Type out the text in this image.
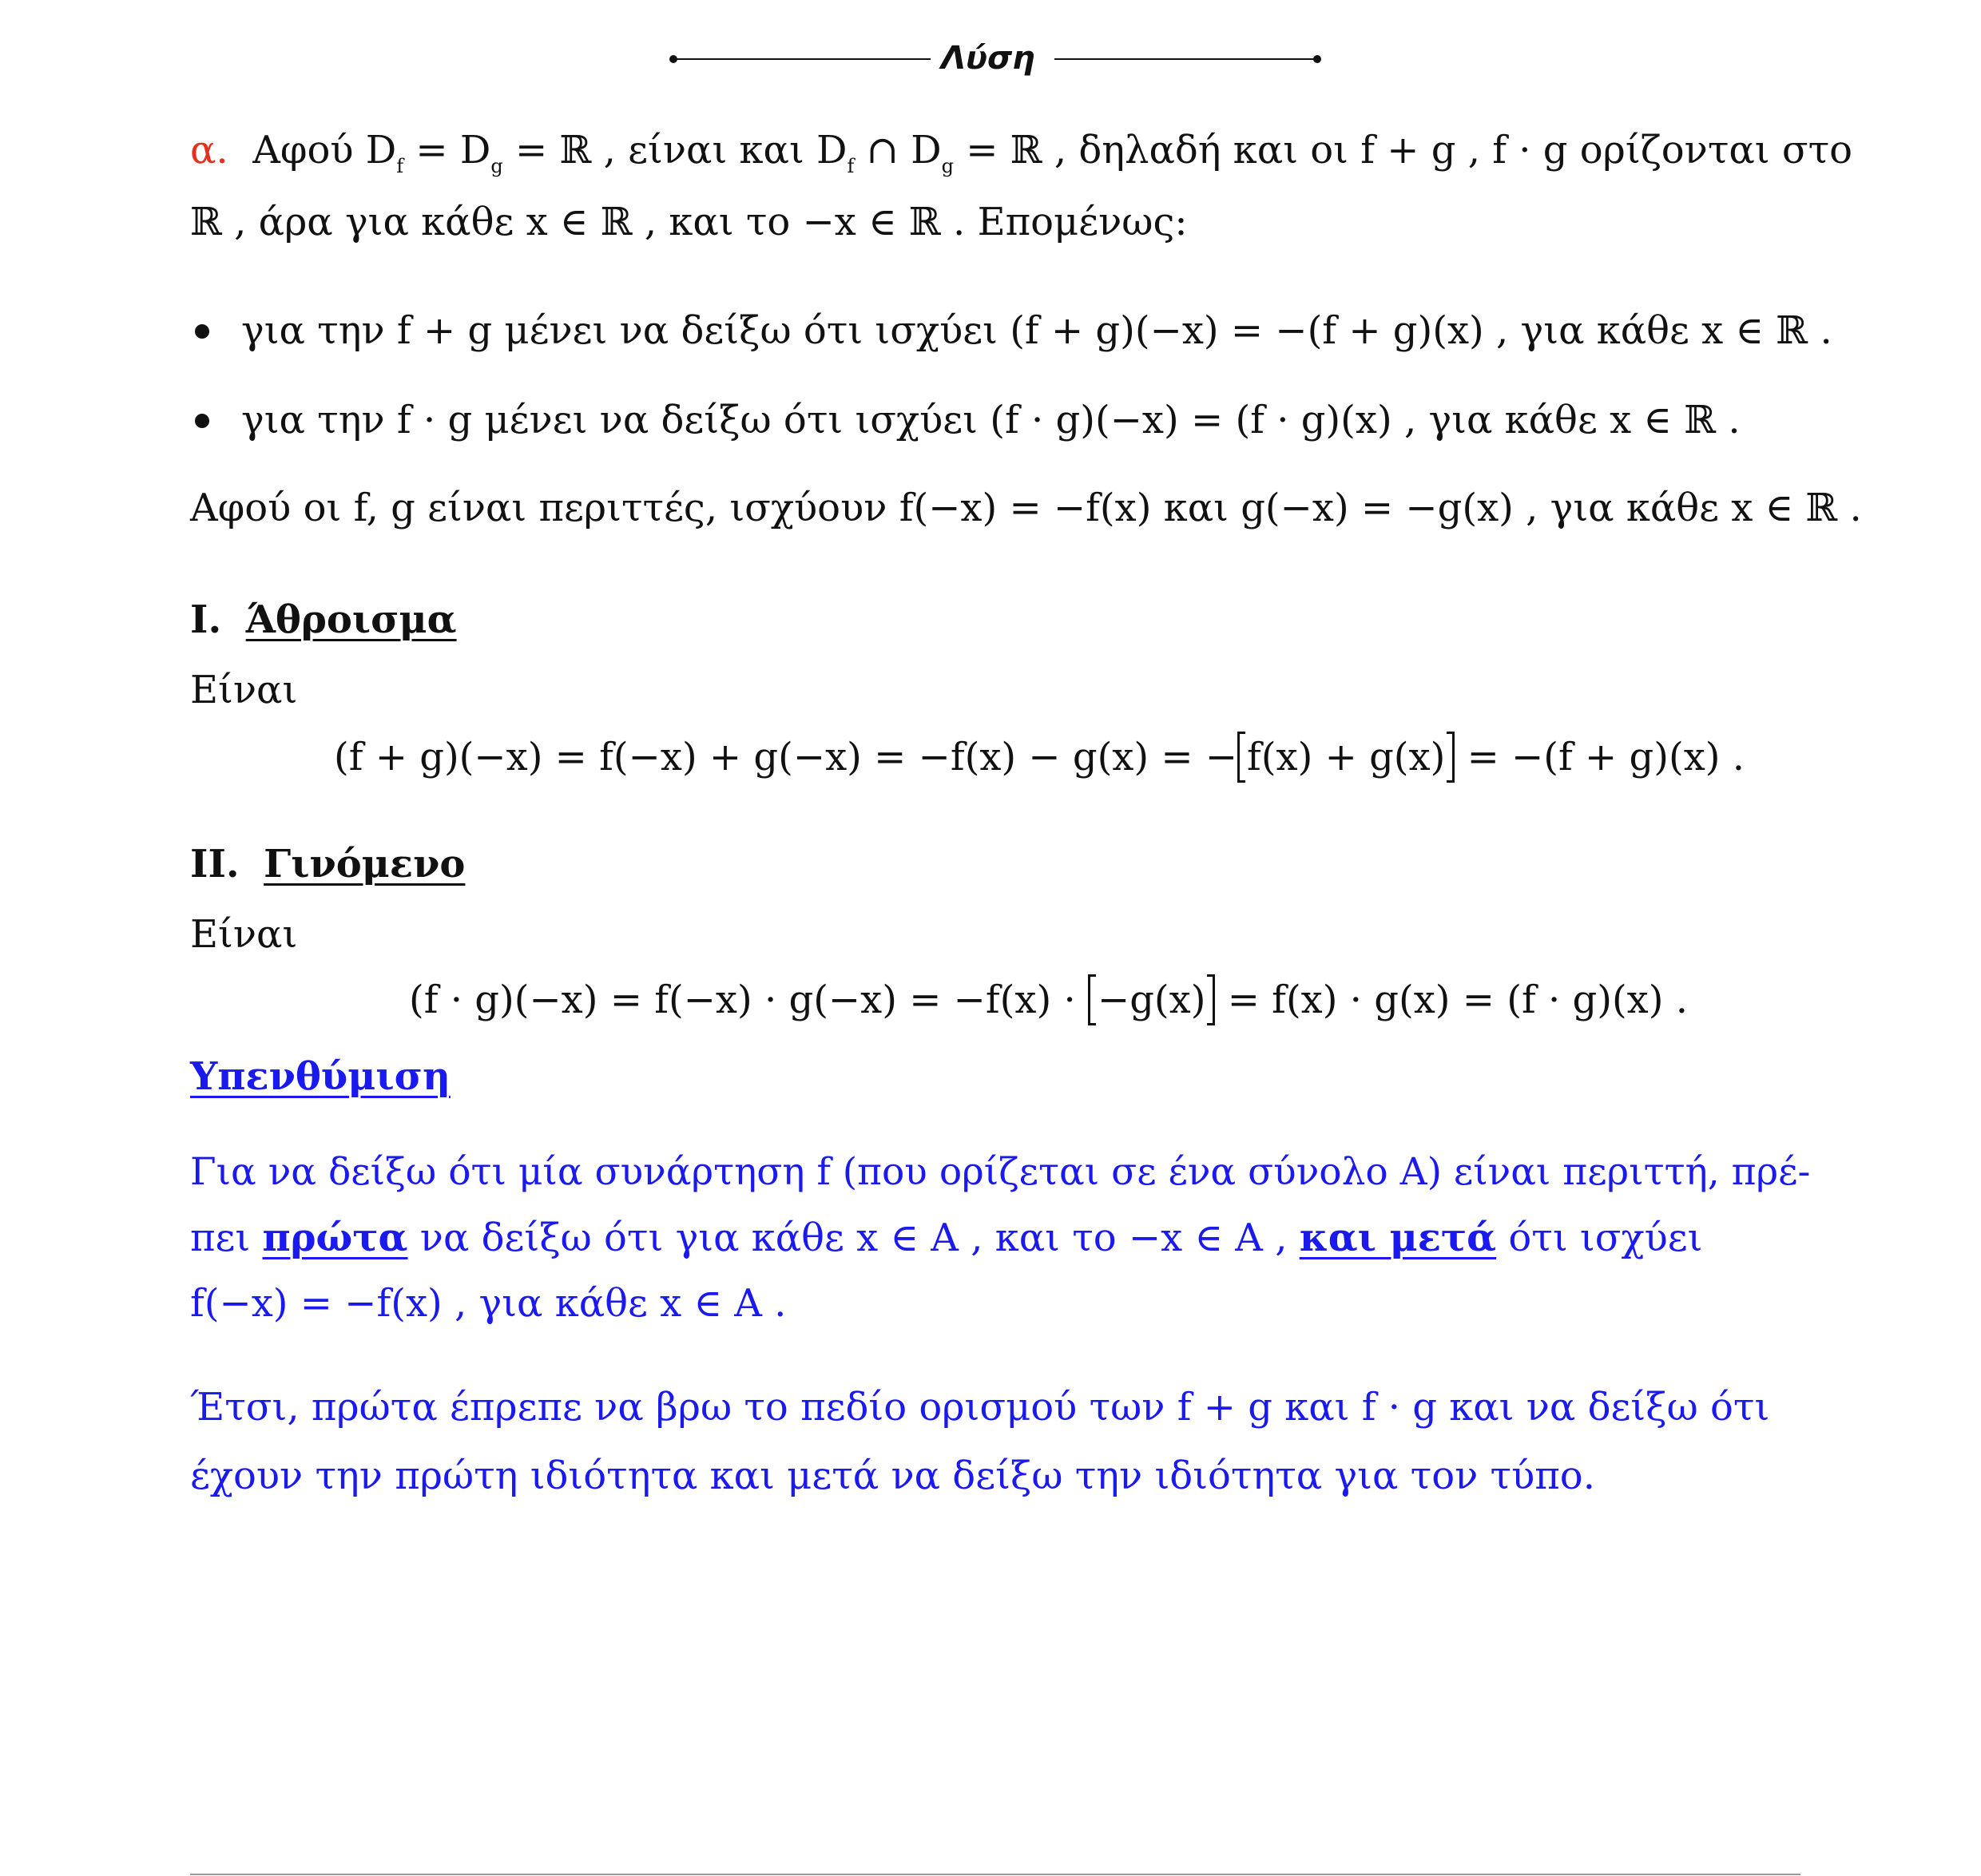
Λύση
α. Αφού $D_f = D_g$ = ℝ , είναι και $D_f$ ∩ $D_g$ = ℝ , δηλαδή και οι f + g , f · g ορίζονται στο
ℝ , άρα για κάθε x ∈ ℝ , και το −x ∈ ℝ . Επομένως:
για την f + g μένει να δείξω ότι ισχύει (f + g)(−x) = −(f + g)(x) , για κάθε x ∈ ℝ .
για την f · g μένει να δείξω ότι ισχύει (f · g)(−x) = (f · g)(x) , για κάθε x ∈ ℝ .
Αφού οι f, g είναι περιττές, ισχύουν f(−x) = −f(x) και g(−x) = −g(x) , για κάθε x ∈ ℝ .
I. Άθροισμα
Είναι
(f + g)(−x) = f(−x) + g(−x) = −f(x) − g(x) = − f(x) + g(x) = −(f + g)(x) .
II. Γινόμενο
Είναι
(f · g)(−x) = f(−x) · g(−x) = −f(x) · −g(x) = f(x) · g(x) = (f · g)(x) .
Υπενθύμιση
Για να δείξω ότι μία συνάρτηση f (που ορίζεται σε ένα σύνολο A) είναι περιττή, πρέ-
πει πρώτα να δείξω ότι για κάθε x ∈ A , και το −x ∈ A , και μετά ότι ισχύει
f(−x) = −f(x) , για κάθε x ∈ A .
Έτσι, πρώτα έπρεπε να βρω το πεδίο ορισμού των f + g και f · g και να δείξω ότι
έχουν την πρώτη ιδιότητα και μετά να δείξω την ιδιότητα για τον τύπο.
